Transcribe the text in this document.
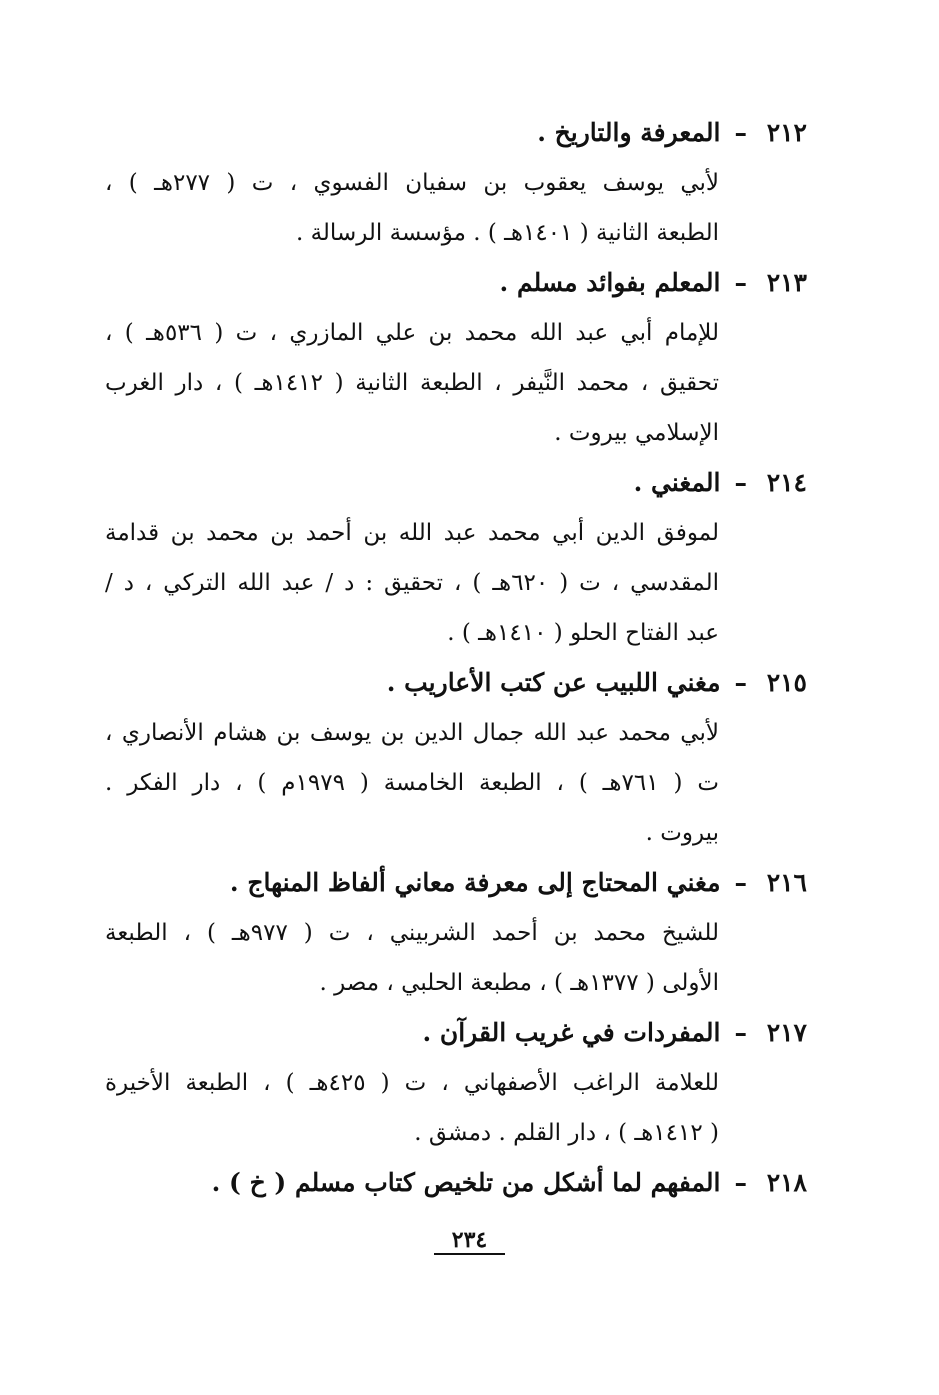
٢١٢
–
المعرفة والتاريخ .
لأبي يوسف يعقوب بن سفيان الفسوي ، ت ( ٢٧٧هـ ) ،
الطبعة الثانية ( ١٤٠١هـ ) . مؤسسة الرسالة .
٢١٣
–
المعلم بفوائد مسلم .
للإمام أبي عبد الله محمد بن علي المازري ، ت ( ٥٣٦هـ ) ،
تحقيق ، محمد النَّيفر ، الطبعة الثانية ( ١٤١٢هـ ) ، دار الغرب
الإسلامي بيروت .
٢١٤
–
المغني .
لموفق الدين أبي محمد عبد الله بن أحمد بن محمد بن قدامة
المقدسي ، ت ( ٦٢٠هـ ) ، تحقيق : د / عبد الله التركي ، د /
عبد الفتاح الحلو ( ١٤١٠هـ ) .
٢١٥
–
مغني اللبيب عن كتب الأعاريب .
لأبي محمد عبد الله جمال الدين بن يوسف بن هشام الأنصاري ،
ت ( ٧٦١هـ ) ، الطبعة الخامسة ( ١٩٧٩م ) ، دار الفكر .
بيروت .
٢١٦
–
مغني المحتاج إلى معرفة معاني ألفاظ المنهاج .
للشيخ محمد بن أحمد الشربيني ، ت ( ٩٧٧هـ ) ، الطبعة
الأولى ( ١٣٧٧هـ ) ، مطبعة الحلبي ، مصر .
٢١٧
–
المفردات في غريب القرآن .
للعلامة الراغب الأصفهاني ، ت ( ٤٢٥هـ ) ، الطبعة الأخيرة
( ١٤١٢هـ ) ، دار القلم . دمشق .
٢١٨
–
المفهم لما أشكل من تلخيص كتاب مسلم ( خ ) .
٢٣٤
